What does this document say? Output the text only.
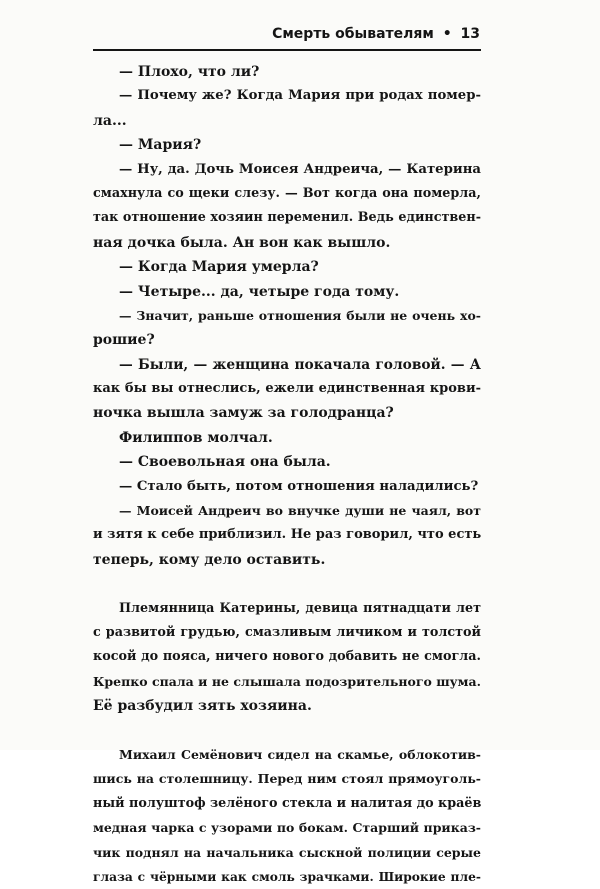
Смерть обывателям • 13
— Плохо, что ли?
— Почему же? Когда Мария при родах помер-
ла...
— Мария?
— Ну, да. Дочь Моисея Андреича, — Катерина
смахнула со щеки слезу. — Вот когда она померла,
так отношение хозяин переменил. Ведь единствен-
ная дочка была. Ан вон как вышло.
— Когда Мария умерла?
— Четыре... да, четыре года тому.
— Значит, раньше отношения были не очень хо-
рошие?
— Были, — женщина покачала головой. — А
как бы вы отнеслись, ежели единственная крови-
ночка вышла замуж за голодранца?
Филиппов молчал.
— Своевольная она была.
— Стало быть, потом отношения наладились?
— Моисей Андреич во внучке души не чаял, вот
и зятя к себе приблизил. Не раз говорил, что есть
теперь, кому дело оставить.
Племянница Катерины, девица пятнадцати лет
с развитой грудью, смазливым личиком и толстой
косой до пояса, ничего нового добавить не смогла.
Крепко спала и не слышала подозрительного шума.
Её разбудил зять хозяина.
Михаил Семёнович сидел на скамье, облокотив-
шись на столешницу. Перед ним стоял прямоуголь-
ный полуштоф зелёного стекла и налитая до краёв
медная чарка с узорами по бокам. Старший приказ-
чик поднял на начальника сыскной полиции серые
глаза с чёрными как смоль зрачками. Широкие пле-
